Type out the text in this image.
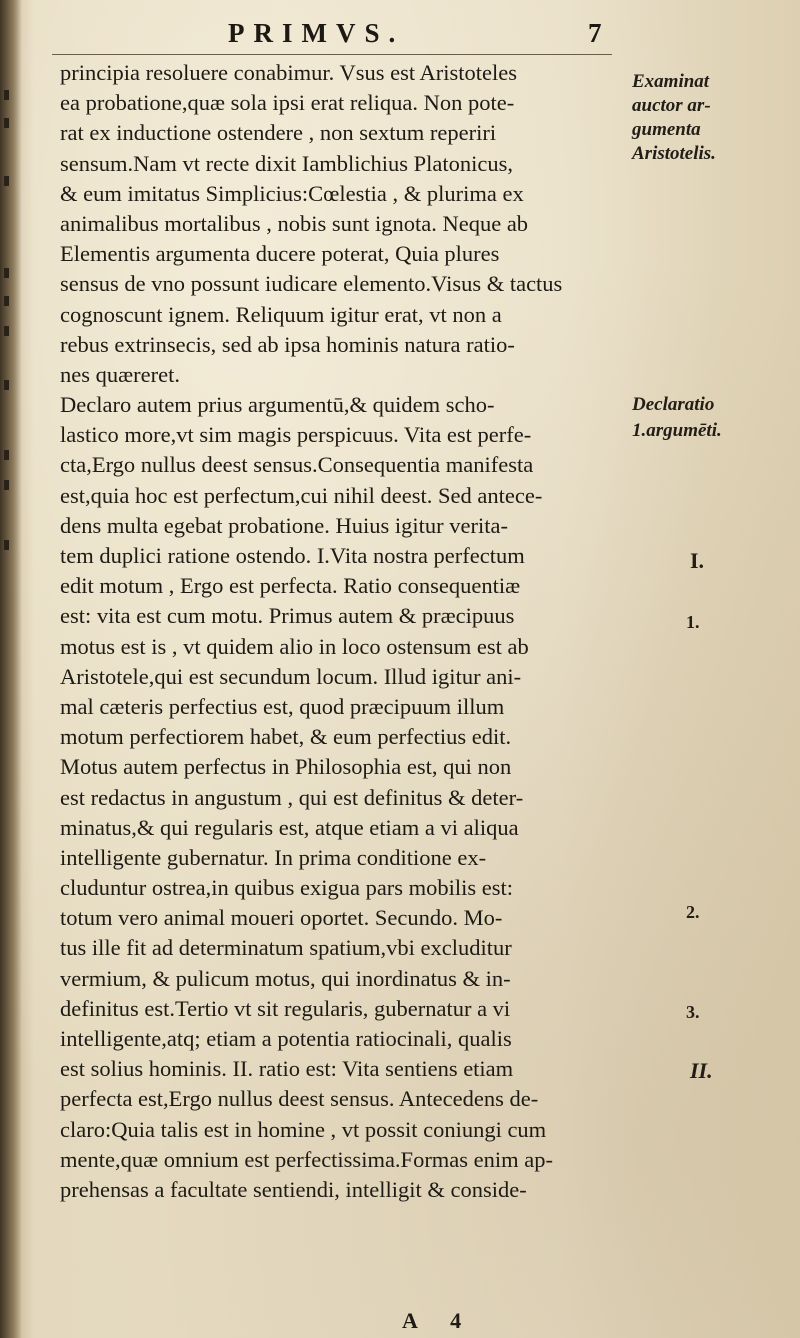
PRIMVS.	7
principia resoluere conabimur. Vsus est Aristoteles
ea probatione,quæ sola ipsi erat reliqua. Non pote-
rat ex inductione ostendere , non sextum reperiri
sensum.Nam vt recte dixit Iamblichius Platonicus,
& eum imitatus Simplicius:Cœlestia , & plurima ex
animalibus mortalibus , nobis sunt ignota. Neque ab
Elementis argumenta ducere poterat, Quia plures
sensus de vno possunt iudicare elemento.Visus & tactus
cognoscunt ignem. Reliquum igitur erat, vt non a
rebus extrinsecis, sed ab ipsa hominis natura ratio-
nes quæreret.
Declaro autem prius argumentū,& quidem scho-
lastico more,vt sim magis perspicuus. Vita est perfe-
cta,Ergo nullus deest sensus.Consequentia manifesta
est,quia hoc est perfectum,cui nihil deest. Sed antece-
dens multa egebat probatione. Huius igitur verita-
tem duplici ratione ostendo. I.Vita nostra perfectum
edit motum , Ergo est perfecta. Ratio consequentiæ
est: vita est cum motu. Primus autem & præcipuus
motus est is , vt quidem alio in loco ostensum est ab
Aristotele,qui est secundum locum. Illud igitur ani-
mal cæteris perfectius est, quod præcipuum illum
motum perfectiorem habet, & eum perfectius edit.
Motus autem perfectus in Philosophia est, qui non
est redactus in angustum , qui est definitus & deter-
minatus,& qui regularis est, atque etiam a vi aliqua
intelligente gubernatur. In prima conditione ex-
cluduntur ostrea,in quibus exigua pars mobilis est:
totum vero animal moueri oportet. Secundo. Mo-
tus ille fit ad determinatum spatium,vbi excluditur
vermium, & pulicum motus, qui inordinatus & in-
definitus est.Tertio vt sit regularis, gubernatur a vi
intelligente,atq; etiam a potentia ratiocinali, qualis
est solius hominis. II. ratio est: Vita sentiens etiam
perfecta est,Ergo nullus deest sensus. Antecedens de-
claro:Quia talis est in homine , vt possit coniungi cum
mente,quæ omnium est perfectissima.Formas enim ap-
prehensas a facultate sentiendi, intelligit & conside-
Examinat
auctor ar-
gumenta
Aristotelis.
Declaratio
1.argumēti.
I.
1.
2.
3.
II.
A 4
